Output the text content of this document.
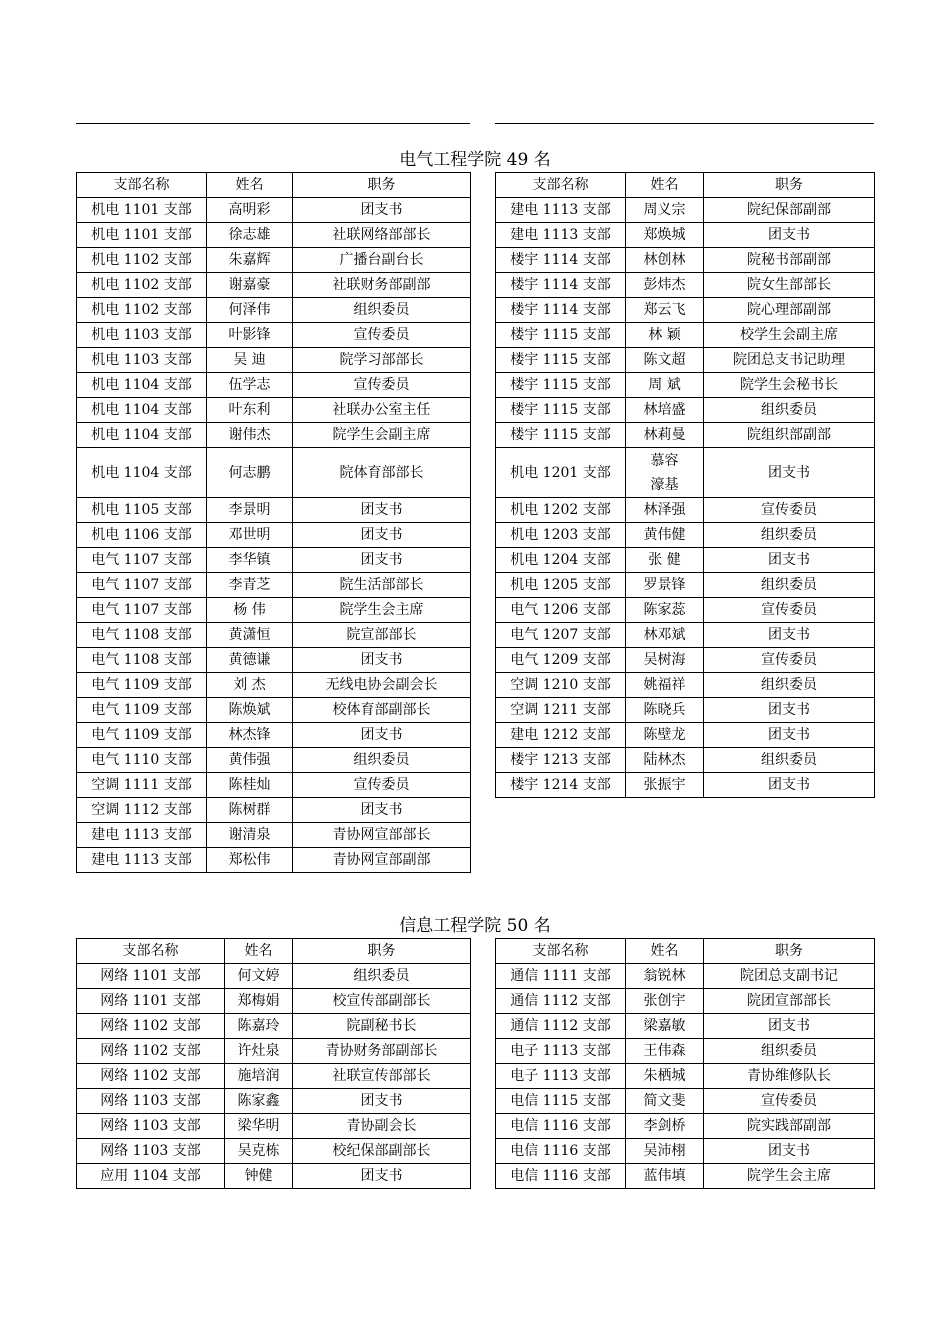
电气工程学院 49 名
支部名称	姓名	职务
机电 1101 支部	高明彩	团支书
机电 1101 支部	徐志雄	社联网络部部长
机电 1102 支部	朱嘉辉	广播台副台长
机电 1102 支部	谢嘉豪	社联财务部副部
机电 1102 支部	何泽伟	组织委员
机电 1103 支部	叶影锋	宣传委员
机电 1103 支部	吴 迪	院学习部部长
机电 1104 支部	伍学志	宣传委员
机电 1104 支部	叶东利	社联办公室主任
机电 1104 支部	谢伟杰	院学生会副主席
机电 1104 支部	何志鹏	院体育部部长
机电 1105 支部	李景明	团支书
机电 1106 支部	邓世明	团支书
电气 1107 支部	李华镇	团支书
电气 1107 支部	李青芝	院生活部部长
电气 1107 支部	杨 伟	院学生会主席
电气 1108 支部	黄潇恒	院宣部部长
电气 1108 支部	黄德谦	团支书
电气 1109 支部	刘 杰	无线电协会副会长
电气 1109 支部	陈焕斌	校体育部副部长
电气 1109 支部	林杰锋	团支书
电气 1110 支部	黄伟强	组织委员
空调 1111 支部	陈桂灿	宣传委员
空调 1112 支部	陈树群	团支书
建电 1113 支部	谢清泉	青协网宣部部长
建电 1113 支部	郑松伟	青协网宣部副部
支部名称	姓名	职务
建电 1113 支部	周义宗	院纪保部副部
建电 1113 支部	郑焕城	团支书
楼宇 1114 支部	林创林	院秘书部副部
楼宇 1114 支部	彭炜杰	院女生部部长
楼宇 1114 支部	郑云飞	院心理部副部
楼宇 1115 支部	林 颖	校学生会副主席
楼宇 1115 支部	陈文超	院团总支书记助理
楼宇 1115 支部	周 斌	院学生会秘书长
楼宇 1115 支部	林培盛	组织委员
楼宇 1115 支部	林莉曼	院组织部副部
机电 1201 支部	慕容濠基	团支书
机电 1202 支部	林泽强	宣传委员
机电 1203 支部	黄伟健	组织委员
机电 1204 支部	张 健	团支书
机电 1205 支部	罗景锋	组织委员
电气 1206 支部	陈家蕊	宣传委员
电气 1207 支部	林邓斌	团支书
电气 1209 支部	吴树海	宣传委员
空调 1210 支部	姚福祥	组织委员
空调 1211 支部	陈晓兵	团支书
建电 1212 支部	陈壁龙	团支书
楼宇 1213 支部	陆林杰	组织委员
楼宇 1214 支部	张振宇	团支书
信息工程学院 50 名
支部名称	姓名	职务
网络 1101 支部	何文婷	组织委员
网络 1101 支部	郑梅娟	校宣传部副部长
网络 1102 支部	陈嘉玲	院副秘书长
网络 1102 支部	许灶泉	青协财务部副部长
网络 1102 支部	施培润	社联宣传部部长
网络 1103 支部	陈家鑫	团支书
网络 1103 支部	梁华明	青协副会长
网络 1103 支部	吴克栋	校纪保部副部长
应用 1104 支部	钟健	团支书
支部名称	姓名	职务
通信 1111 支部	翁锐林	院团总支副书记
通信 1112 支部	张创宇	院团宣部部长
通信 1112 支部	梁嘉敏	团支书
电子 1113 支部	王伟森	组织委员
电子 1113 支部	朱栖城	青协维修队长
电信 1115 支部	简文斐	宣传委员
电信 1116 支部	李剑桥	院实践部副部
电信 1116 支部	吴沛栩	团支书
电信 1116 支部	蓝伟填	院学生会主席
